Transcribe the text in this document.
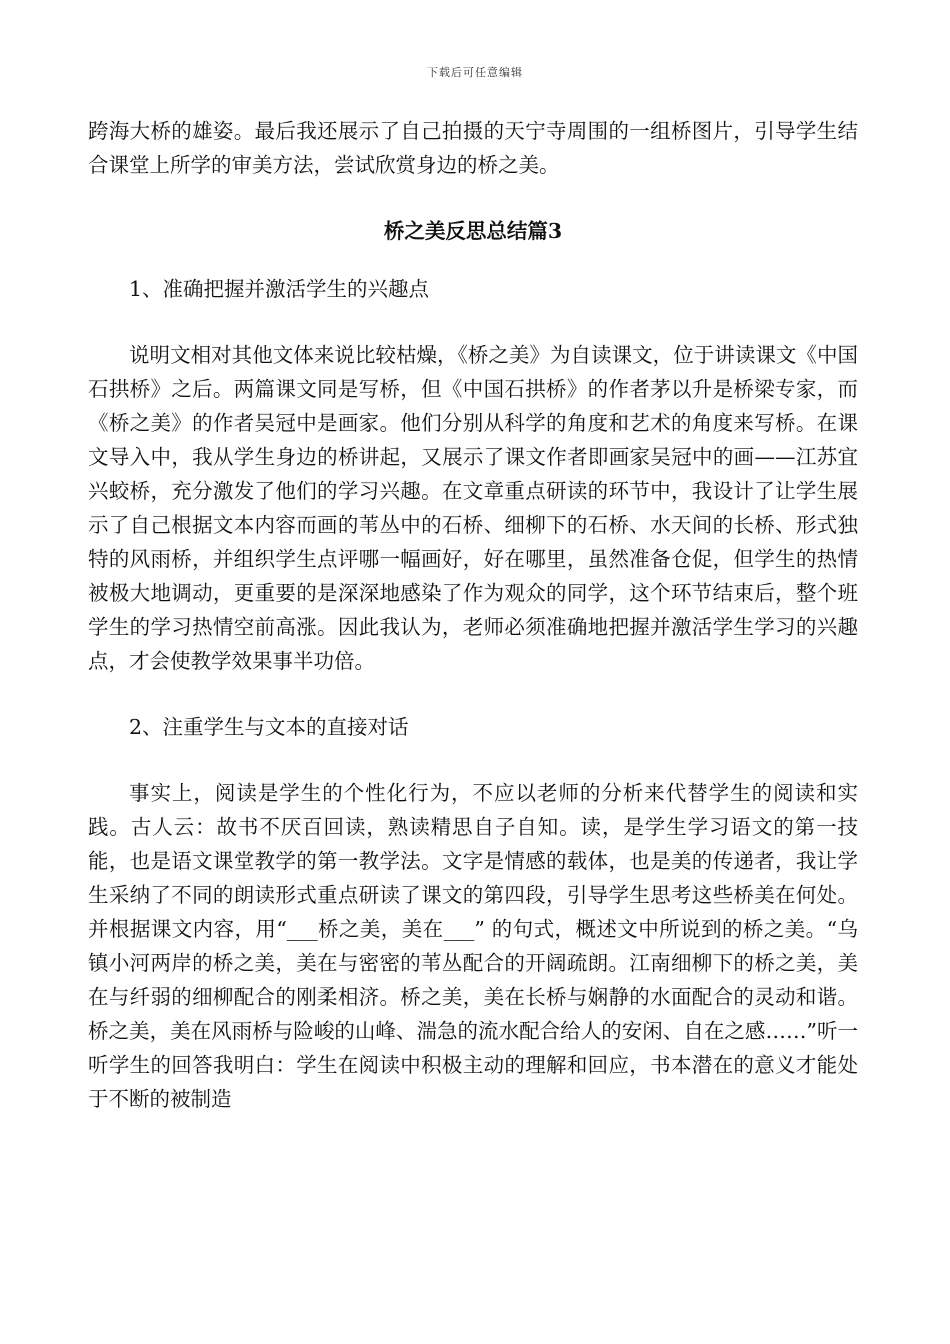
下载后可任意编辑

跨海大桥的雄姿。最后我还展示了自己拍摄的天宁寺周围的一组桥图片，引导学生结合课堂上所学的审美方法，尝试欣赏身边的桥之美。

桥之美反思总结篇3

1、准确把握并激活学生的兴趣点

说明文相对其他文体来说比较枯燥，《桥之美》为自读课文，位于讲读课文《中国石拱桥》之后。两篇课文同是写桥，但《中国石拱桥》的作者茅以升是桥梁专家，而《桥之美》的作者吴冠中是画家。他们分别从科学的角度和艺术的角度来写桥。在课文导入中，我从学生身边的桥讲起，又展示了课文作者即画家吴冠中的画——江苏宜兴蛟桥，充分激发了他们的学习兴趣。在文章重点研读的环节中，我设计了让学生展示了自己根据文本内容而画的苇丛中的石桥、细柳下的石桥、水天间的长桥、形式独特的风雨桥，并组织学生点评哪一幅画好，好在哪里，虽然准备仓促，但学生的热情被极大地调动，更重要的是深深地感染了作为观众的同学，这个环节结束后，整个班学生的学习热情空前高涨。因此我认为，老师必须准确地把握并激活学生学习的兴趣点，才会使教学效果事半功倍。

2、注重学生与文本的直接对话

事实上，阅读是学生的个性化行为，不应以老师的分析来代替学生的阅读和实践。古人云：故书不厌百回读，熟读精思自子自知。读，是学生学习语文的第一技能，也是语文课堂教学的第一教学法。文字是情感的载体，也是美的传递者，我让学生采纳了不同的朗读形式重点研读了课文的第四段，引导学生思考这些桥美在何处。并根据课文内容，用“___桥之美，美在___” 的句式，概述文中所说到的桥之美。“乌镇小河两岸的桥之美，美在与密密的苇丛配合的开阔疏朗。江南细柳下的桥之美，美在与纤弱的细柳配合的刚柔相济。桥之美，美在长桥与娴静的水面配合的灵动和谐。桥之美，美在风雨桥与险峻的山峰、湍急的流水配合给人的安闲、自在之感……”听一听学生的回答我明白：学生在阅读中积极主动的理解和回应，书本潜在的意义才能处于不断的被制造
